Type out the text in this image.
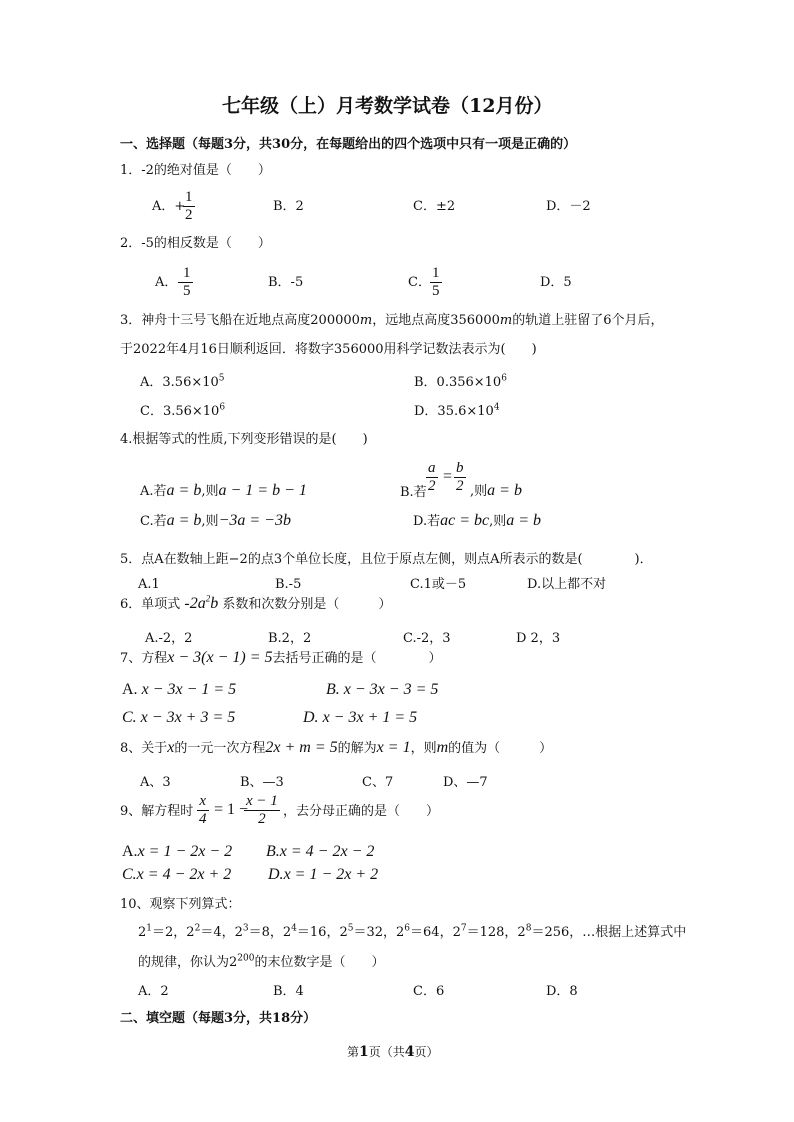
七年级（上）月考数学试卷（12月份）
一、选择题（每题3分，共30分，在每题给出的四个选项中只有一项是正确的）
1．-2的绝对值是（　　）
A．+
1
2
B．2	C．±2	D．－2
2．-5的相反数是（　　）
A．-
1
5
B．-5	C．
1
5
D．5
3．神舟十三号飞船在近地点高度200000m，远地点高度356000m的轨道上驻留了6个月后，
于2022年4月16日顺利返回．将数字356000用科学记数法表示为(　　)
A．$3.56\times 10^5$	B．$0.356\times 10^6$
C．$3.56\times 10^6$	D．$35.6\times 10^4$
4.根据等式的性质,下列变形错误的是(　　)
A.若a = b,则a − 1 = b − 1	B.若
a
2
= b
2 ,则a = b
C.若a = b,则−3a = −3b	D.若ac = bc,则a = b
5．点A在数轴上距−2的点3个单位长度，且位于原点左侧，则点A所表示的数是(　　　　)．
A.1	B.-5	C.1或－5	D.以上都不对
6．单项式 $-2a^2b$ 系数和次数分别是（　　　）
A.-2，2	B.2，2	C.-2，3	D 2，3
7、方程x − 3(x − 1) = 5去括号正确的是（　　　　）
A. x − 3x − 1 = 5	B. x − 3x − 3 = 5
C. x − 3x + 3 = 5	D. x − 3x + 1 = 5
8、关于x的一元一次方程2x + m = 5的解为x = 1，则m的值为（　　　）
A、3	B、—3	C、7	D、—7
9、解方程时
x
4
= 1 −
x − 1
2 ，去分母正确的是（　　）
A.x = 1 − 2x − 2 B.x = 4 − 2x − 2
C.x = 4 − 2x + 2 D.x = 1 − 2x + 2
10、观察下列算式：
$2^1=2$，$2^2=4$，$2^3=8$，$2^4=16$，$2^5=32$，$2^6=64$，$2^7=128$，$2^8=256$，…根据上述算式中
的规律，你认为$2^{200}$的末位数字是（　　）
A．2	B．4	C．6	D．8
二、填空题（每题3分，共18分）
第1页（共4页）
